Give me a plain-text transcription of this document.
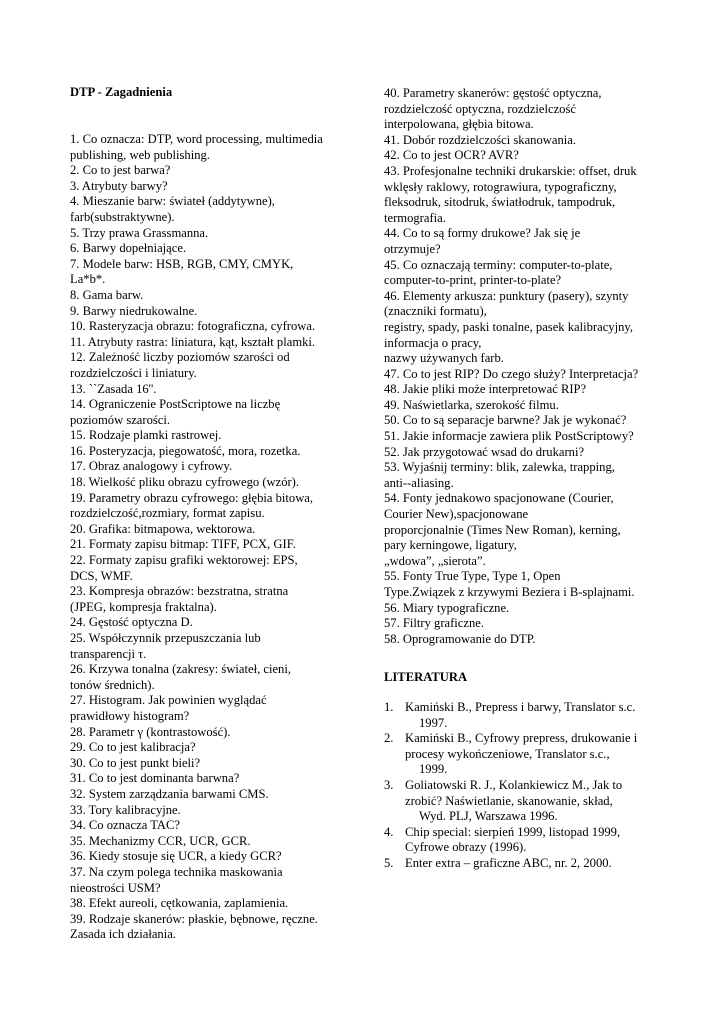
DTP - Zagadnienia
1. Co oznacza: DTP, word processing, multimedia
publishing, web publishing.
2. Co to jest barwa?
3. Atrybuty barwy?
4. Mieszanie barw: świateł (addytywne),
farb(substraktywne).
5. Trzy prawa Grassmanna.
6. Barwy dopełniające.
7. Modele barw: HSB, RGB, CMY, CMYK,
La*b*.
8. Gama barw.
9. Barwy niedrukowalne.
10. Rasteryzacja obrazu: fotograficzna, cyfrowa.
11. Atrybuty rastra: liniatura, kąt, kształt plamki.
12. Zależność liczby poziomów szarości od
rozdzielczości i liniatury.
13. ``Zasada 16''.
14. Ograniczenie PostScriptowe na liczbę
poziomów szarości.
15. Rodzaje plamki rastrowej.
16. Posteryzacja, piegowatość, mora, rozetka.
17. Obraz analogowy i cyfrowy.
18. Wielkość pliku obrazu cyfrowego (wzór).
19. Parametry obrazu cyfrowego: głębia bitowa,
rozdzielczość,rozmiary, format zapisu.
20. Grafika: bitmapowa, wektorowa.
21. Formaty zapisu bitmap: TIFF, PCX, GIF.
22. Formaty zapisu grafiki wektorowej: EPS,
DCS, WMF.
23. Kompresja obrazów: bezstratna, stratna
(JPEG, kompresja fraktalna).
24. Gęstość optyczna D.
25. Współczynnik przepuszczania lub
transparencji τ.
26. Krzywa tonalna (zakresy: świateł, cieni,
tonów średnich).
27. Histogram. Jak powinien wyglądać
prawidłowy histogram?
28. Parametr γ (kontrastowość).
29. Co to jest kalibracja?
30. Co to jest punkt bieli?
31. Co to jest dominanta barwna?
32. System zarządzania barwami CMS.
33. Tory kalibracyjne.
34. Co oznacza TAC?
35. Mechanizmy CCR, UCR, GCR.
36. Kiedy stosuje się UCR, a kiedy GCR?
37. Na czym polega technika maskowania
nieostrości USM?
38. Efekt aureoli, cętkowania, zaplamienia.
39. Rodzaje skanerów: płaskie, bębnowe, ręczne.
Zasada ich działania.
40. Parametry skanerów: gęstość optyczna,
rozdzielczość optyczna, rozdzielczość
interpolowana, głębia bitowa.
41. Dobór rozdzielczości skanowania.
42. Co to jest OCR? AVR?
43. Profesjonalne techniki drukarskie: offset, druk
wklęsły raklowy, rotograwiura, typograficzny,
fleksodruk, sitodruk, światłodruk, tampodruk,
termografia.
44. Co to są formy drukowe? Jak się je
otrzymuje?
45. Co oznaczają terminy: computer-to-plate,
computer-to-print, printer-to-plate?
46. Elementy arkusza: punktury (pasery), szynty
(znaczniki formatu),
registry, spady, paski tonalne, pasek kalibracyjny,
informacja o pracy,
nazwy używanych farb.
47. Co to jest RIP? Do czego służy? Interpretacja?
48. Jakie pliki może interpretować RIP?
49. Naświetlarka, szerokość filmu.
50. Co to są separacje barwne? Jak je wykonać?
51. Jakie informacje zawiera plik PostScriptowy?
52. Jak przygotować wsad do drukarni?
53. Wyjaśnij terminy: blik, zalewka, trapping,
anti--aliasing.
54. Fonty jednakowo spacjonowane (Courier,
Courier New),spacjonowane
proporcjonalnie (Times New Roman), kerning,
pary kerningowe, ligatury,
„wdowa”, „sierota”.
55. Fonty True Type, Type 1, Open
Type.Związek z krzywymi Beziera i B-splajnami.
56. Miary typograficzne.
57. Filtry graficzne.
58. Oprogramowanie do DTP.
LITERATURA
1. Kamiński B., Prepress i barwy, Translator s.c.
1997.
2. Kamiński B., Cyfrowy prepress, drukowanie i
procesy wykończeniowe, Translator s.c.,
1999.
3. Goliatowski R. J., Kolankiewicz M., Jak to
zrobić? Naświetlanie, skanowanie, skład,
Wyd. PLJ, Warszawa 1996.
4. Chip special: sierpień 1999, listopad 1999,
Cyfrowe obrazy (1996).
5. Enter extra – graficzne ABC, nr. 2, 2000.
